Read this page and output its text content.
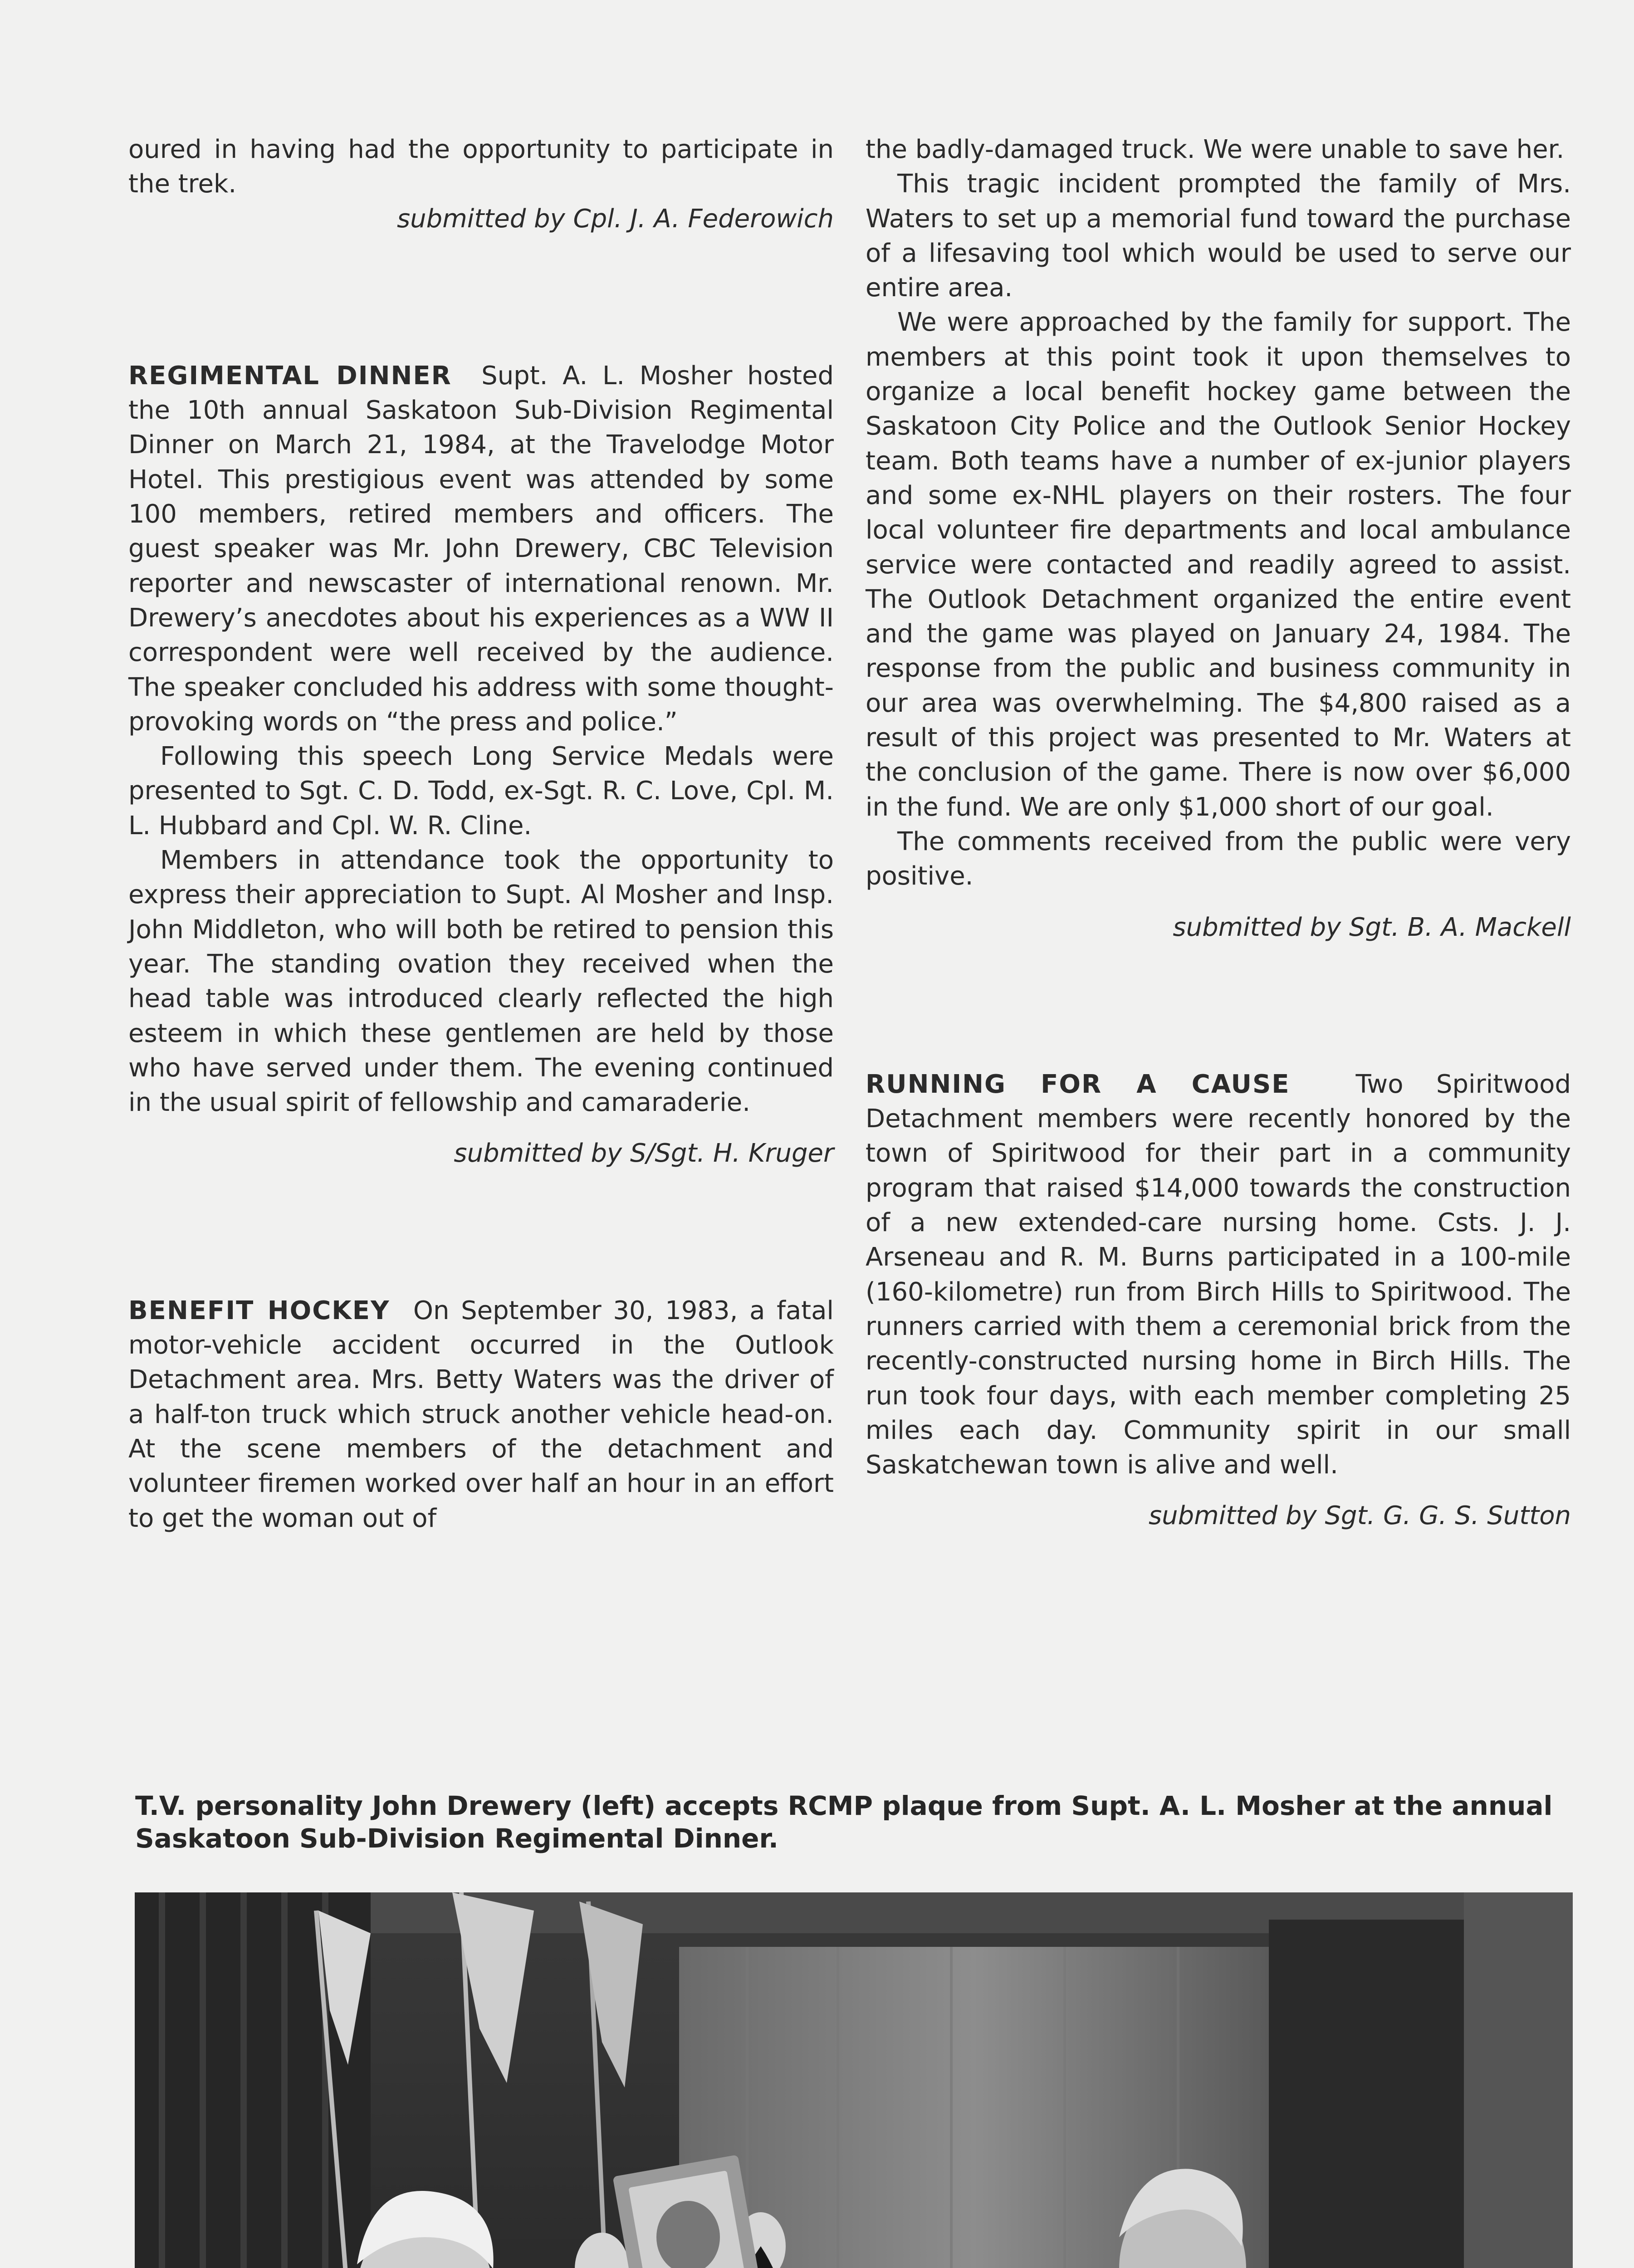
oured in having had the opportunity to participate in the trek.

submitted by Cpl. J. A. Federowich

REGIMENTAL DINNER Supt. A. L. Mosher hosted the 10th annual Saskatoon Sub-Division Regimental Dinner on March 21, 1984, at the Travelodge Motor Hotel. This prestigious event was attended by some 100 members, retired members and officers. The guest speaker was Mr. John Drewery, CBC Television reporter and newscaster of international renown. Mr. Drewery’s anecdotes about his experiences as a WW II correspondent were well received by the audience. The speaker concluded his address with some thought-provoking words on “the press and police.”

Following this speech Long Service Medals were presented to Sgt. C. D. Todd, ex-Sgt. R. C. Love, Cpl. M. L. Hubbard and Cpl. W. R. Cline.

Members in attendance took the opportunity to express their appreciation to Supt. Al Mosher and Insp. John Middleton, who will both be retired to pension this year. The standing ovation they received when the head table was introduced clearly reflected the high esteem in which these gentlemen are held by those who have served under them. The evening continued in the usual spirit of fellowship and camaraderie.

submitted by S/Sgt. H. Kruger

BENEFIT HOCKEY On September 30, 1983, a fatal motor-vehicle accident occurred in the Outlook Detachment area. Mrs. Betty Waters was the driver of a half-ton truck which struck another vehicle head-on. At the scene members of the detachment and volunteer firemen worked over half an hour in an effort to get the woman out of

the badly-damaged truck. We were unable to save her.

This tragic incident prompted the family of Mrs. Waters to set up a memorial fund toward the purchase of a lifesaving tool which would be used to serve our entire area.

We were approached by the family for support. The members at this point took it upon themselves to organize a local benefit hockey game between the Saskatoon City Police and the Outlook Senior Hockey team. Both teams have a number of ex-junior players and some ex-NHL players on their rosters. The four local volunteer fire departments and local ambulance service were contacted and readily agreed to assist. The Outlook Detachment organized the entire event and the game was played on January 24, 1984. The response from the public and business community in our area was overwhelming. The $4,800 raised as a result of this project was presented to Mr. Waters at the conclusion of the game. There is now over $6,000 in the fund. We are only $1,000 short of our goal.

The comments received from the public were very positive.

submitted by Sgt. B. A. Mackell

RUNNING FOR A CAUSE	Two Spiritwood Detachment members were recently honored by the town of Spiritwood for their part in a community program that raised $14,000 towards the construction of a new extended-care nursing home. Csts. J. J. Arseneau and R. M. Burns participated in a 100-mile (160-kilometre) run from Birch Hills to Spiritwood. The runners carried with them a ceremonial brick from the recently-constructed nursing home in Birch Hills. The run took four days, with each member completing 25 miles each day. Community spirit in our small Saskatchewan town is alive and well.

submitted by Sgt. G. G. S. Sutton

T.V. personality John Drewery (left) accepts RCMP plaque from Supt. A. L. Mosher at the annual Saskatoon Sub-Division Regimental Dinner.
